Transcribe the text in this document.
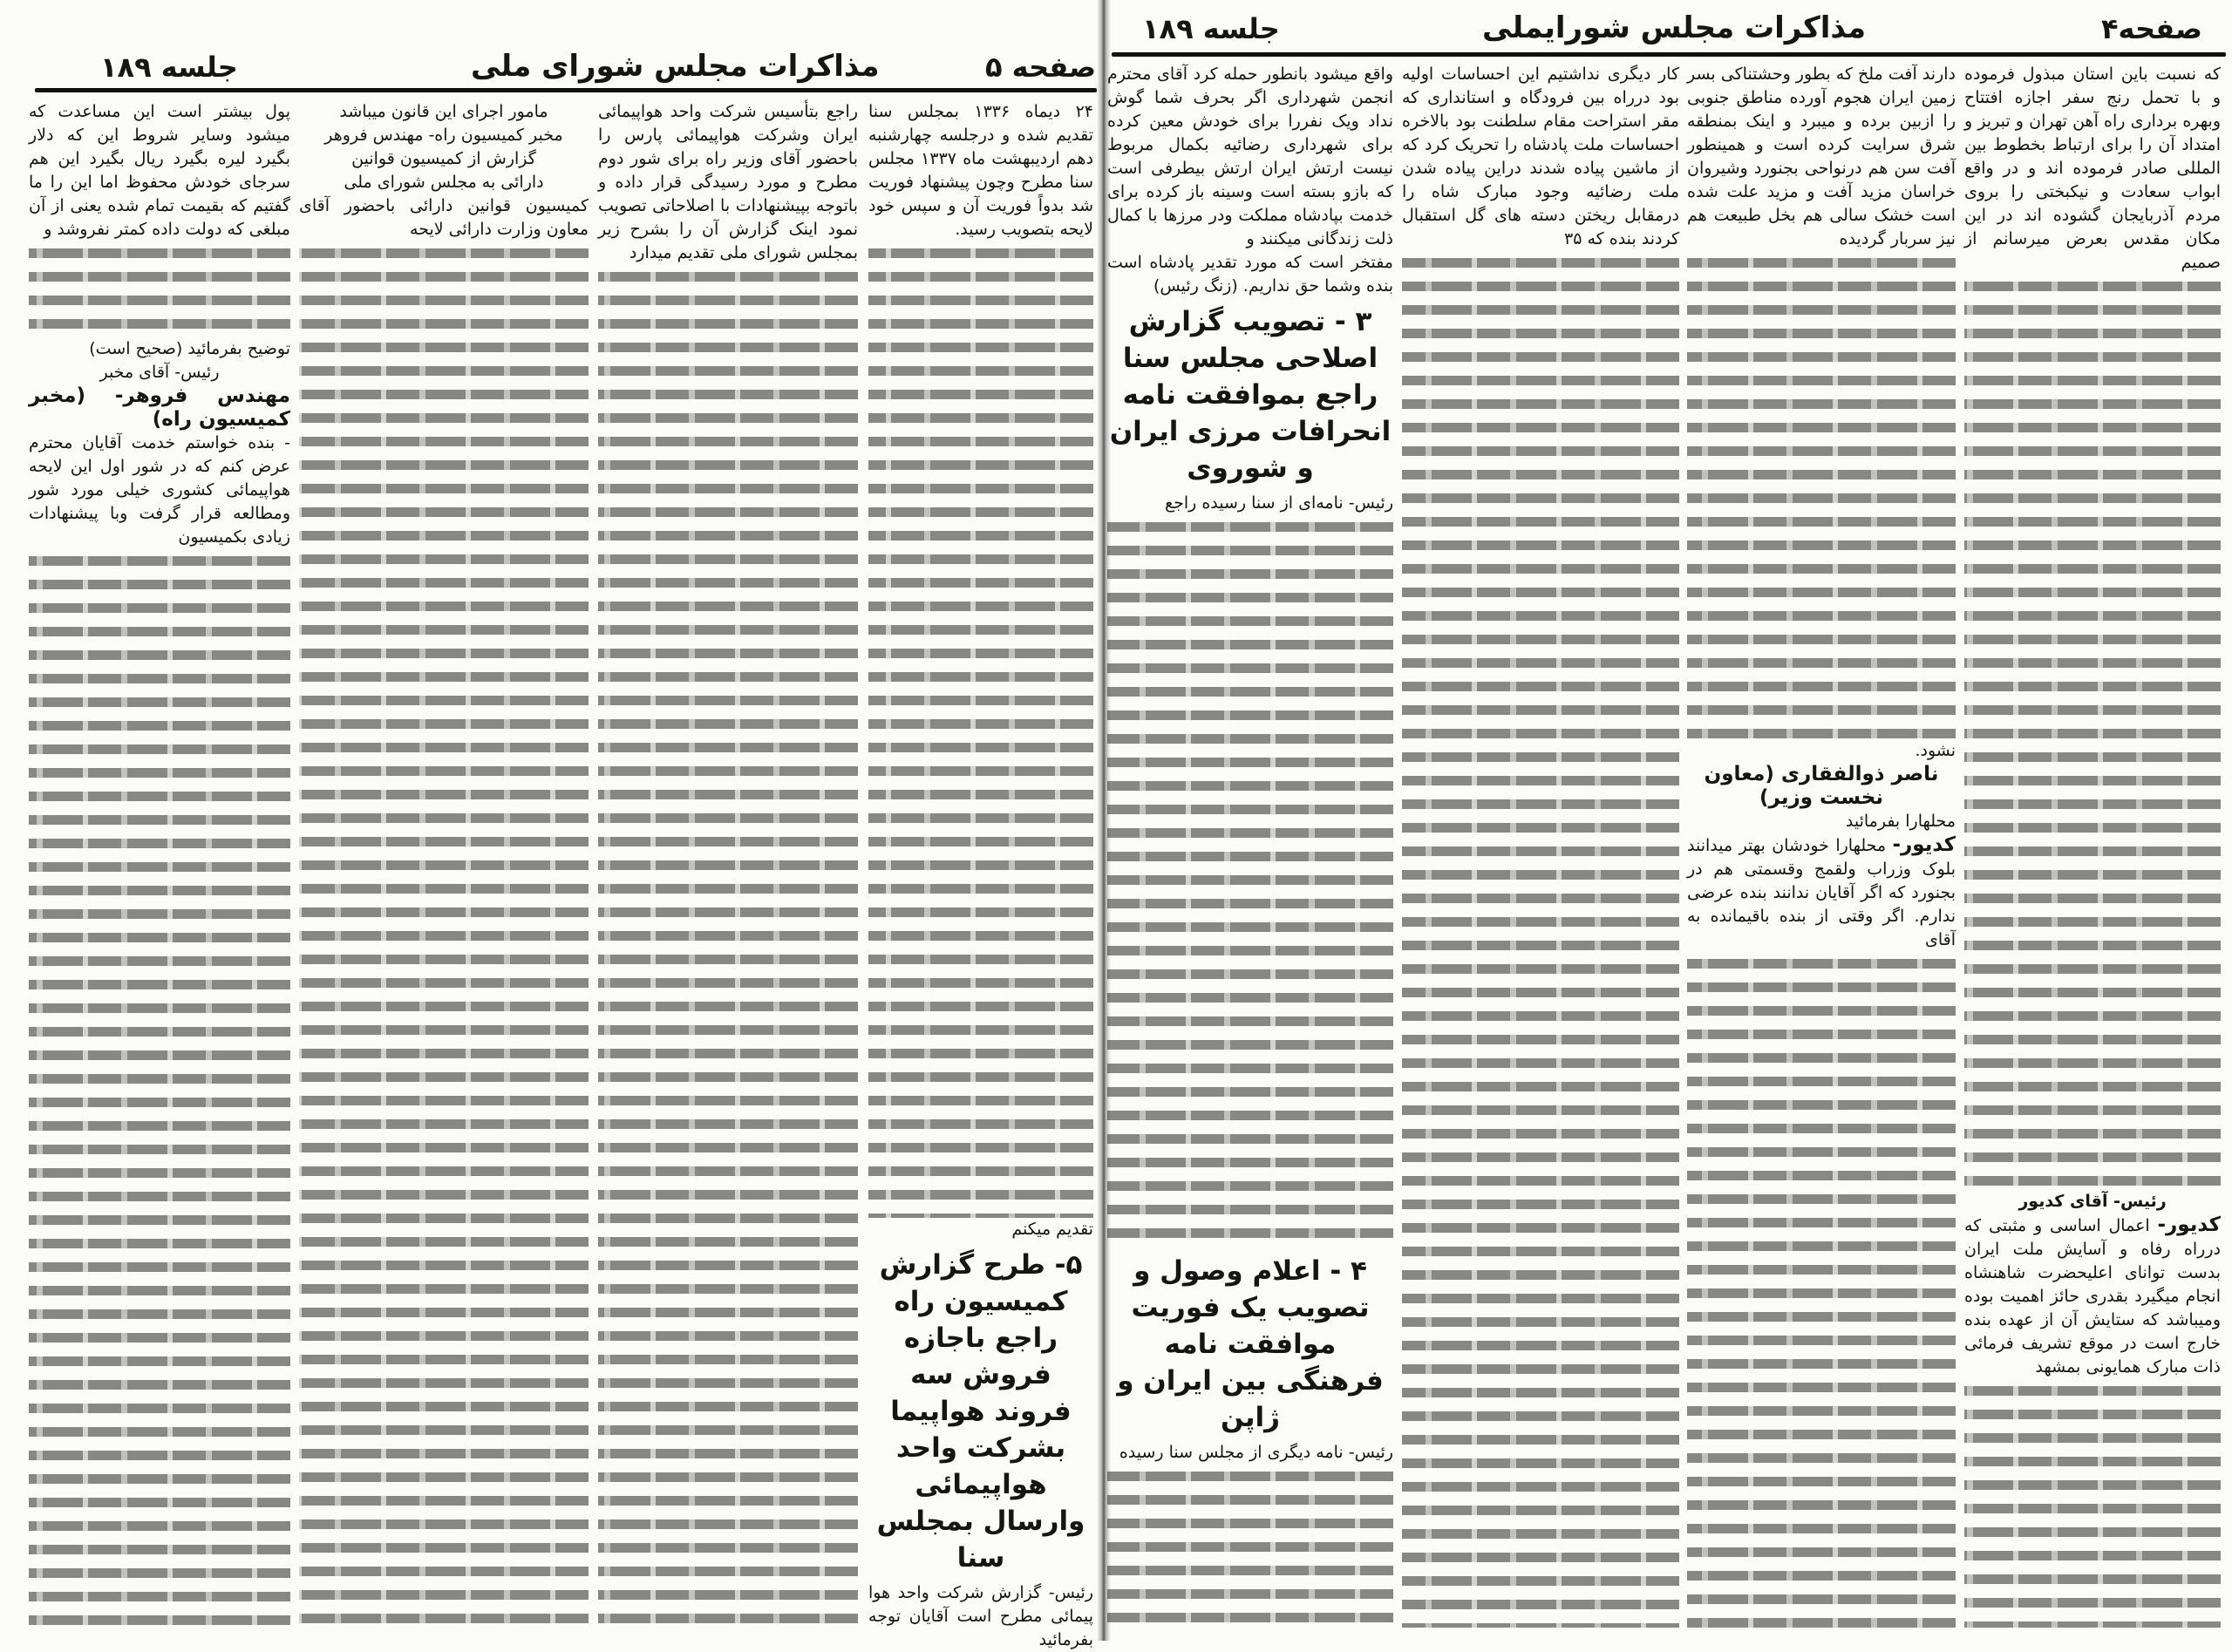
جلسه ۱۸۹	مذاکرات مجلس شورای ملی	صفحه ۵

۲۴ دیماه ۱۳۳۶ بمجلس سنا تقدیم شده و درجلسه چهارشنبه دهم اردیبهشت ماه ۱۳۳۷ مجلس سنا مطرح وچون پیشنهاد فوریت شد بدواً فوریت آن و سپس خود لایحه بتصویب رسید.

تقدیم میکنم

۵- طرح گزارش کمیسیون راه راجع باجازه فروش سه فروند هواپیما بشرکت واحد هواپیمائی وارسال بمجلس سنا

رئیس- گزارش شرکت واحد هوا پیمائی مطرح است آقایان توجه بفرمائید

راجع بتأسیس شرکت واحد هواپیمائی ایران وشرکت هواپیمائی پارس را باحضور آقای وزیر راه برای شور دوم مطرح و مورد رسیدگی قرار داده و باتوجه بپیشنهادات با اصلاحاتی تصویب نمود اینک گزارش آن را بشرح زیر بمجلس شورای ملی تقدیم میدارد

مامور اجرای این قانون میباشد

مخبر کمیسیون راه- مهندس فروهر

گزارش از کمیسیون قوانین

دارائی به مجلس شورای ملی

کمیسیون قوانین دارائی باحضور آقای معاون وزارت دارائی لایحه

پول بیشتر است این مساعدت که میشود وسایر شروط این که دلار بگیرد لیره بگیرد ریال بگیرد این هم سرجای خودش محفوظ اما این را ما گفتیم که بقیمت تمام شده یعنی از آن مبلغی که دولت داده کمتر نفروشد و

توضیح بفرمائید (صحیح است)

رئیس- آقای مخبر

مهندس فروهر- (مخبر کمیسیون راه)

- بنده خواستم خدمت آقایان محترم عرض کنم که در شور اول این لایحه هواپیمائی کشوری خیلی مورد شور ومطالعه قرار گرفت وبا پیشنهادات زیادی بکمیسیون

جلسه ۱۸۹	مذاکرات مجلس شورایملی	صفحه۴

واقع میشود بانطور حمله کرد آقای محترم انجمن شهرداری اگر بحرف شما گوش نداد ویک نفررا برای خودش معین کرده برای شهرداری رضائیه بکمال مربوط نیست ارتش ایران ارتش بیطرفی است که بازو بسته است وسینه باز کرده برای خدمت بپادشاه مملکت ودر مرزها با کمال ذلت زندگانی میکنند و

مفتخر است که مورد تقدیر پادشاه است بنده وشما حق نداریم. (زنگ رئیس)

۳ - تصویب گزارش اصلاحی مجلس سنا راجع بموافقت نامه انحرافات مرزی ایران و شوروی

رئیس- نامه‌ای از سنا رسیده راجع

۴ - اعلام وصول و تصویب یک فوریت موافقت نامه فرهنگی بین ایران و ژاپن

رئیس- نامه دیگری از مجلس سنا رسیده

کار دیگری نداشتیم این احساسات اولیه بود درراه بین فرودگاه و استانداری که مقر استراحت مقام سلطنت بود بالاخره احساسات ملت پادشاه را تحریک کرد که از ماشین پیاده شدند دراین پیاده شدن ملت رضائیه وجود مبارک شاه را درمقابل ریختن دسته های گل استقبال کردند بنده که ۳۵

دارند آفت ملخ که بطور وحشتناکی بسر زمین ایران هجوم آورده مناطق جنوبی را ازبین برده و میبرد و اینک بمنطقه شرق سرایت کرده است و همینطور آفت سن هم درنواحی بجنورد وشیروان خراسان مزید آفت و مزید علت شده است خشک سالی هم بخل طبیعت هم نیز سربار گردیده

نشود.

ناصر ذوالفقاری (معاون نخست وزیر)

محلهارا بفرمائید

کدیور- محلهارا خودشان بهتر میدانند بلوک وزراب ولقمج وقسمتی هم در بجنورد که اگر آقایان ندانند بنده عرضی ندارم. اگر وقتی از بنده باقیمانده به آقای

که نسبت باین استان مبذول فرموده و با تحمل رنج سفر اجازه افتتاح وبهره برداری راه آهن تهران و تبریز و امتداد آن را برای ارتباط بخطوط بین المللی صادر فرموده اند و در واقع ابواب سعادت و نیکبختی را بروی مردم آذربایجان گشوده اند در این مکان مقدس بعرض میرسانم از صمیم

رئیس- آقای کدیور

کدیور- اعمال اساسی و مثبتی که درراه رفاه و آسایش ملت ایران بدست توانای اعلیحضرت شاهنشاه انجام میگیرد بقدری حائز اهمیت بوده ومیباشد که ستایش آن از عهده بنده خارج است در موقع تشریف فرمائی ذات مبارک همایونی بمشهد
